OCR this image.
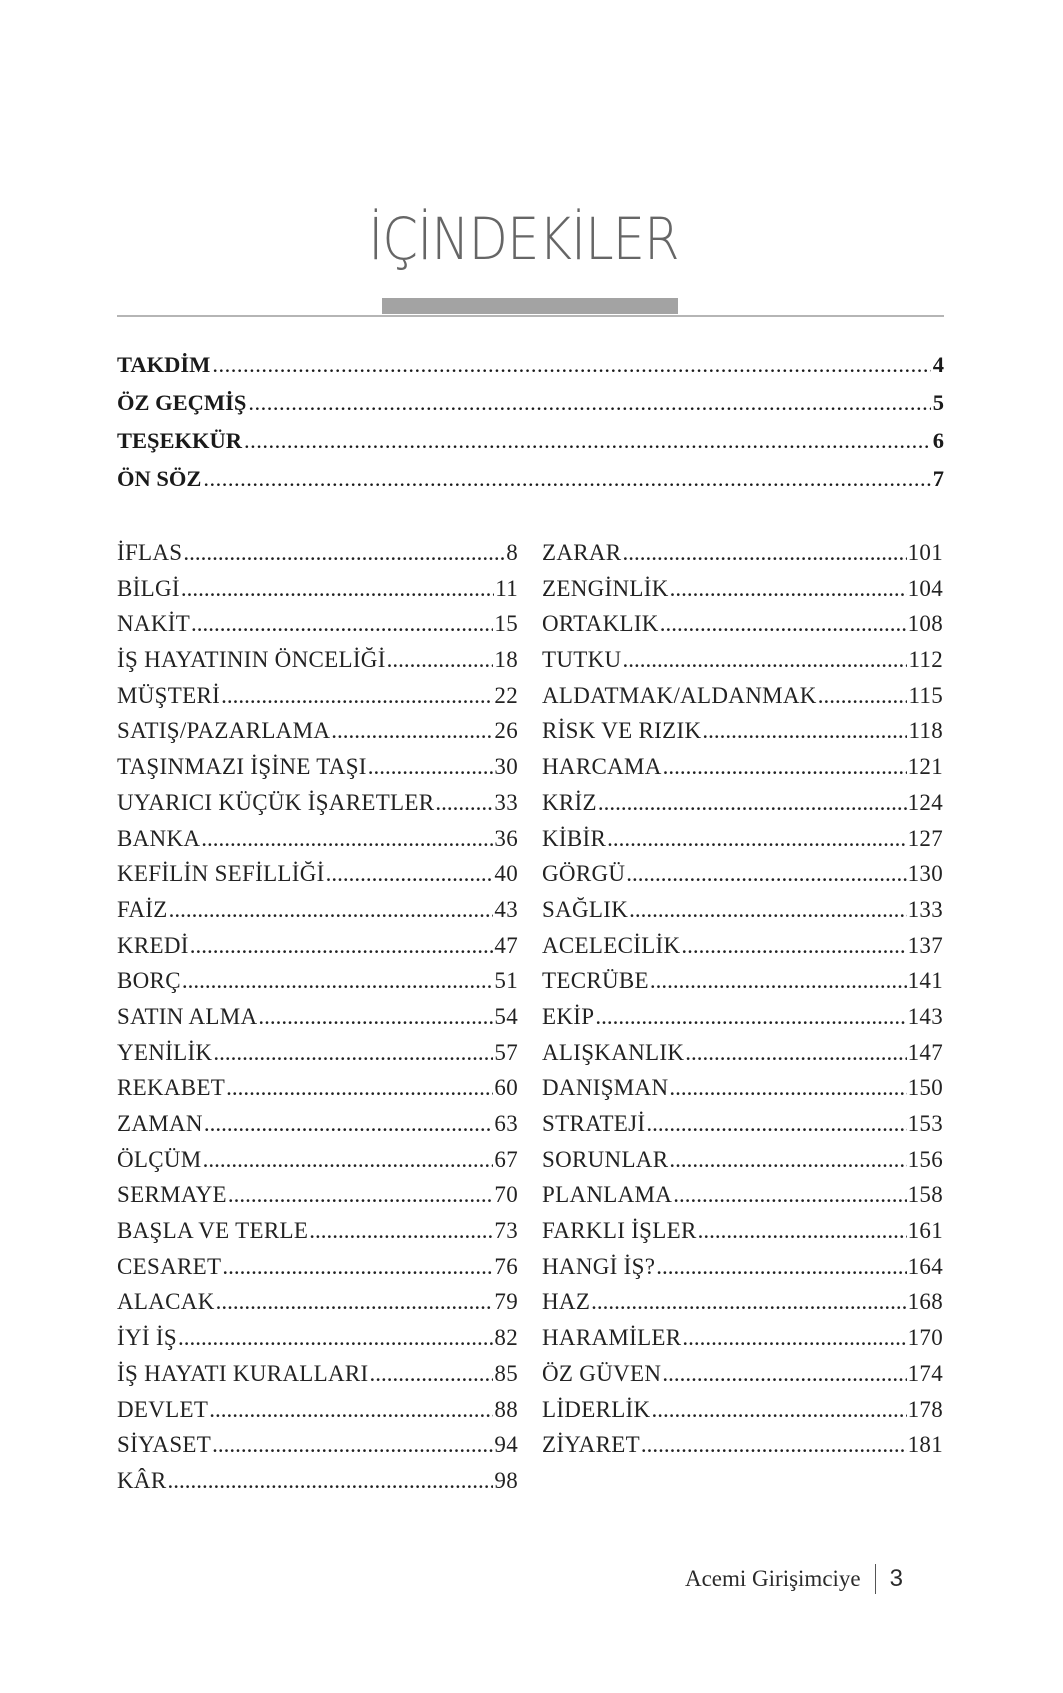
İÇİNDEKİLER
TAKDİM .....	4
ÖZ GEÇMİŞ .....	5
TEŞEKKÜR .....	6
ÖN SÖZ .....	7
İFLAS .....	8
BİLGİ .....	11
NAKİT .....	15
İŞ HAYATININ ÖNCELİĞİ .....	18
MÜŞTERİ .....	22
SATIŞ/PAZARLAMA .....	26
TAŞINMAZI İŞİNE TAŞI .....	30
UYARICI KÜÇÜK İŞARETLER .....	33
BANKA .....	36
KEFİLİN SEFİLLİĞİ .....	40
FAİZ .....	43
KREDİ .....	47
BORÇ .....	51
SATIN ALMA .....	54
YENİLİK .....	57
REKABET .....	60
ZAMAN .....	63
ÖLÇÜM .....	67
SERMAYE .....	70
BAŞLA VE TERLE .....	73
CESARET .....	76
ALACAK .....	79
İYİ İŞ .....	82
İŞ HAYATI KURALLARI .....	85
DEVLET .....	88
SİYASET .....	94
KÂR .....	98
ZARAR .....	101
ZENGİNLİK .....	104
ORTAKLIK .....	108
TUTKU .....	112
ALDATMAK/ALDANMAK .....	115
RİSK VE RIZIK .....	118
HARCAMA .....	121
KRİZ .....	124
KİBİR .....	127
GÖRGÜ .....	130
SAĞLIK .....	133
ACELECİLİK .....	137
TECRÜBE .....	141
EKİP .....	143
ALIŞKANLIK .....	147
DANIŞMAN .....	150
STRATEJİ .....	153
SORUNLAR .....	156
PLANLAMA .....	158
FARKLI İŞLER .....	161
HANGİ İŞ? .....	164
HAZ .....	168
HARAMİLER .....	170
ÖZ GÜVEN .....	174
LİDERLİK .....	178
ZİYARET .....	181
Acemi Girişimciye 3
